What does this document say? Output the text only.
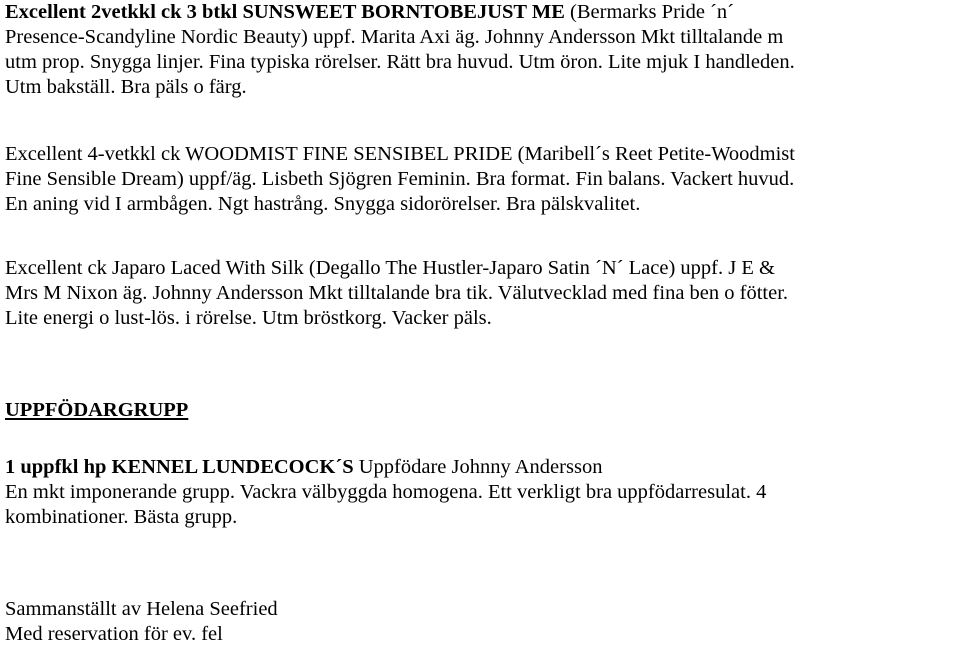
Excellent 2vetkkl ck 3 btkl SUNSWEET BORNTOBEJUST ME (Bermarks Pride ´n´
Presence-Scandyline Nordic Beauty) uppf. Marita Axi äg. Johnny Andersson Mkt tilltalande m
utm prop. Snygga linjer. Fina typiska rörelser. Rätt bra huvud. Utm öron. Lite mjuk I handleden.
Utm bakställ. Bra päls o färg.
Excellent 4-vetkkl ck WOODMIST FINE SENSIBEL PRIDE (Maribell´s Reet Petite-Woodmist
Fine Sensible Dream) uppf/äg. Lisbeth Sjögren Feminin. Bra format. Fin balans. Vackert huvud.
En aning vid I armbågen. Ngt hastrång. Snygga sidorörelser. Bra pälskvalitet.
Excellent ck Japaro Laced With Silk (Degallo The Hustler-Japaro Satin ´N´ Lace) uppf. J E &
Mrs M Nixon äg. Johnny Andersson Mkt tilltalande bra tik. Välutvecklad med fina ben o fötter.
Lite energi o lust-lös. i rörelse. Utm bröstkorg. Vacker päls.
UPPFÖDARGRUPP
1 uppfkl hp KENNEL LUNDECOCK´S Uppfödare Johnny Andersson
En mkt imponerande grupp. Vackra välbyggda homogena. Ett verkligt bra uppfödarresulat. 4
kombinationer. Bästa grupp.
Sammanställt av Helena Seefried
Med reservation för ev. fel
